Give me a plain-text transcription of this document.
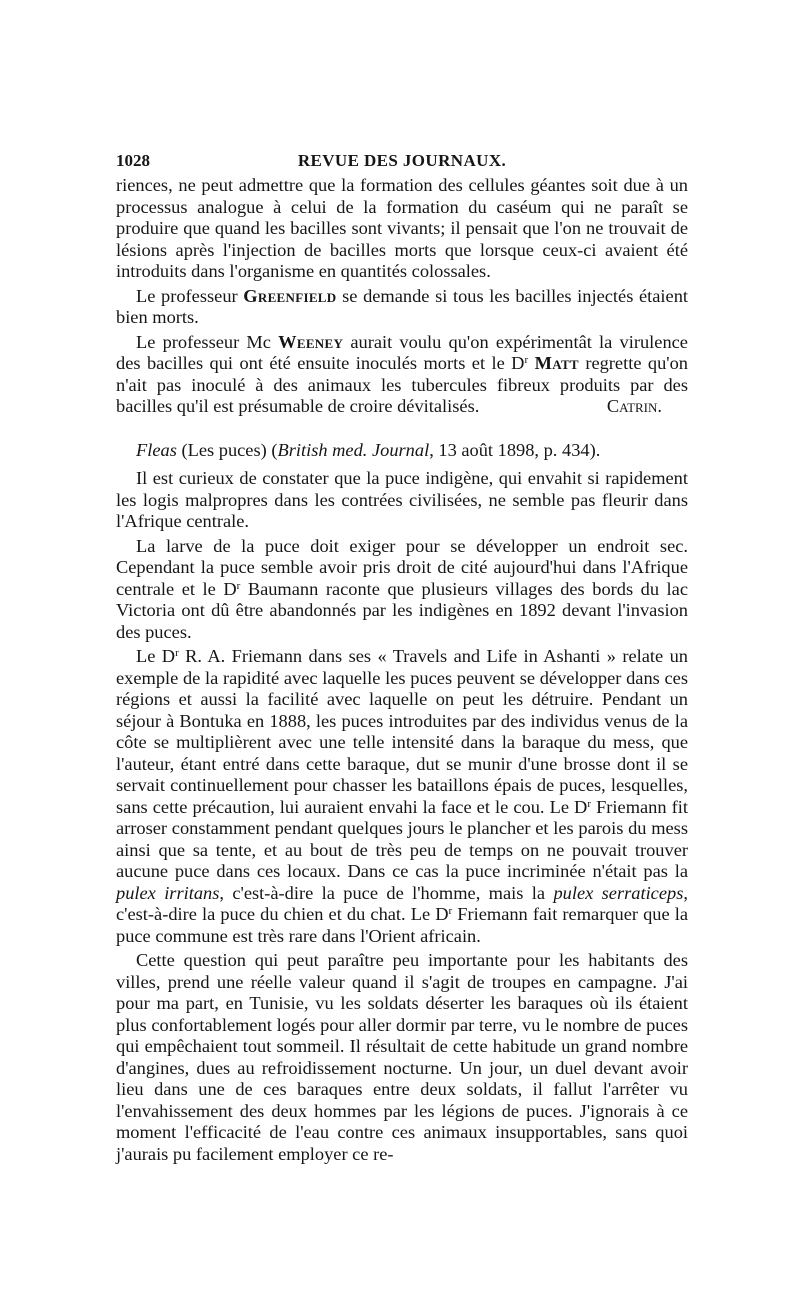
1028	REVUE DES JOURNAUX.

riences, ne peut admettre que la formation des cellules géantes soit due à un processus analogue à celui de la formation du caséum qui ne paraît se produire que quand les bacilles sont vivants; il pensait que l'on ne trouvait de lésions après l'injection de bacilles morts que lorsque ceux-ci avaient été introduits dans l'organisme en quantités colossales.

Le professeur Greenfield se demande si tous les bacilles injectés étaient bien morts.

Le professeur Mc Weeney aurait voulu qu'on expérimentât la virulence des bacilles qui ont été ensuite inoculés morts et le $D^r$ Matt regrette qu'on n'ait pas inoculé à des animaux les tubercules fibreux produits par des bacilles qu'il est présumable de croire dévitalisés.	Catrin.

Fleas (Les puces) (British med. Journal, 13 août 1898, p. 434).

Il est curieux de constater que la puce indigène, qui envahit si rapidement les logis malpropres dans les contrées civilisées, ne semble pas fleurir dans l'Afrique centrale.

La larve de la puce doit exiger pour se développer un endroit sec. Cependant la puce semble avoir pris droit de cité aujourd'hui dans l'Afrique centrale et le $D^r$ Baumann raconte que plusieurs villages des bords du lac Victoria ont dû être abandonnés par les indigènes en 1892 devant l'invasion des puces.

Le $D^r$ R. A. Friemann dans ses « Travels and Life in Ashanti » relate un exemple de la rapidité avec laquelle les puces peuvent se développer dans ces régions et aussi la facilité avec laquelle on peut les détruire. Pendant un séjour à Bontuka en 1888, les puces introduites par des individus venus de la côte se multiplièrent avec une telle intensité dans la baraque du mess, que l'auteur, étant entré dans cette baraque, dut se munir d'une brosse dont il se servait continuellement pour chasser les bataillons épais de puces, lesquelles, sans cette précaution, lui auraient envahi la face et le cou. Le $D^r$ Friemann fit arroser constamment pendant quelques jours le plancher et les parois du mess ainsi que sa tente, et au bout de très peu de temps on ne pouvait trouver aucune puce dans ces locaux. Dans ce cas la puce incriminée n'était pas la pulex irritans, c'est-à-dire la puce de l'homme, mais la pulex serraticeps, c'est-à-dire la puce du chien et du chat. Le $D^r$ Friemann fait remarquer que la puce commune est très rare dans l'Orient africain.

Cette question qui peut paraître peu importante pour les habitants des villes, prend une réelle valeur quand il s'agit de troupes en campagne. J'ai pour ma part, en Tunisie, vu les soldats déserter les baraques où ils étaient plus confortablement logés pour aller dormir par terre, vu le nombre de puces qui empêchaient tout sommeil. Il résultait de cette habitude un grand nombre d'angines, dues au refroidissement nocturne. Un jour, un duel devant avoir lieu dans une de ces baraques entre deux soldats, il fallut l'arrêter vu l'envahissement des deux hommes par les légions de puces. J'ignorais à ce moment l'efficacité de l'eau contre ces animaux insupportables, sans quoi j'aurais pu facilement employer ce re-
